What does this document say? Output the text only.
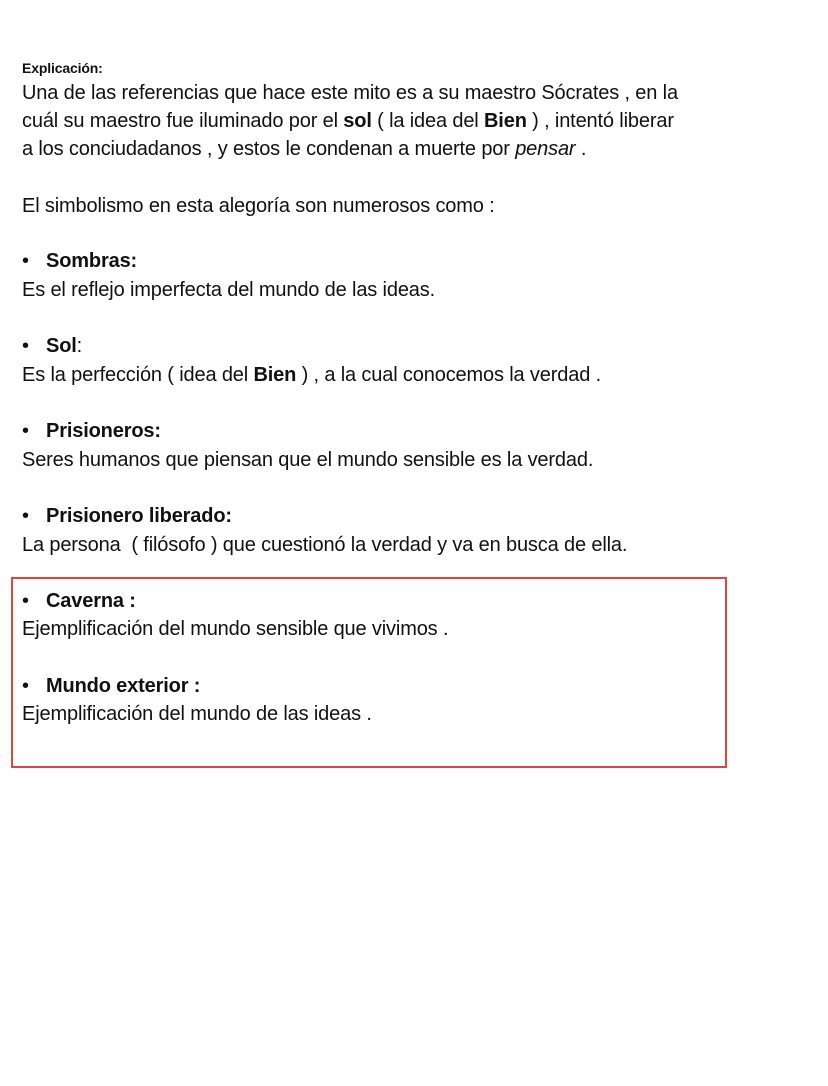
Explicación:
Una de las referencias que hace este mito es a su maestro Sócrates , en la
cuál su maestro fue iluminado por el sol ( la idea del Bien ) , intentó liberar
a los conciudadanos , y estos le condenan a muerte por pensar .
El simbolismo en esta alegoría son numerosos como :
• Sombras:
Es el reflejo imperfecta del mundo de las ideas.
• Sol:
Es la perfección ( idea del Bien ) , a la cual conocemos la verdad .
• Prisioneros:
Seres humanos que piensan que el mundo sensible es la verdad.
• Prisionero liberado:
La persona  ( filósofo ) que cuestionó la verdad y va en busca de ella.
• Caverna :
Ejemplificación del mundo sensible que vivimos .
• Mundo exterior :
Ejemplificación del mundo de las ideas .
